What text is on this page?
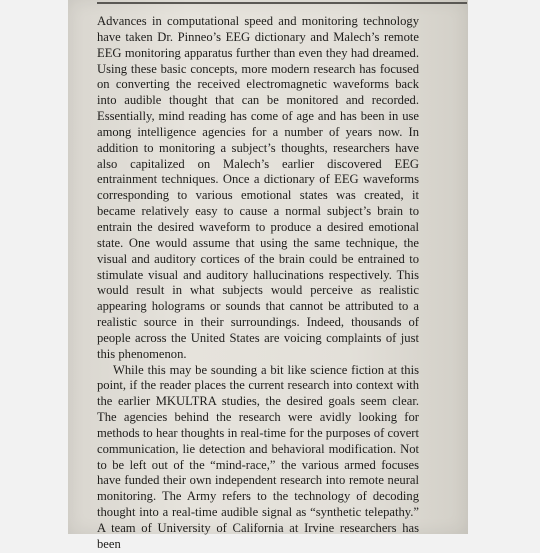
Advances in computational speed and monitoring technology have taken Dr. Pinneo’s EEG dictionary and Malech’s remote EEG monitoring apparatus further than even they had dreamed. Using these basic concepts, more modern research has focused on converting the received electromagnetic waveforms back into audible thought that can be monitored and recorded. Essentially, mind reading has come of age and has been in use among intelligence agencies for a number of years now. In addition to monitoring a subject’s thoughts, researchers have also capitalized on Malech’s earlier discovered EEG entrainment techniques. Once a dictionary of EEG waveforms corresponding to various emotional states was created, it became relatively easy to cause a normal subject’s brain to entrain the desired waveform to produce a desired emotional state. One would assume that using the same technique, the visual and auditory cortices of the brain could be entrained to stimulate visual and auditory hallucinations respectively. This would result in what subjects would perceive as realistic appearing holograms or sounds that cannot be attributed to a realistic source in their surroundings. Indeed, thousands of people across the United States are voicing complaints of just this phenomenon.

While this may be sounding a bit like science fiction at this point, if the reader places the current research into context with the earlier MKULTRA studies, the desired goals seem clear. The agencies behind the research were avidly looking for methods to hear thoughts in real-time for the purposes of covert communication, lie detection and behavioral modification. Not to be left out of the “mind-race,” the various armed focuses have funded their own independent research into remote neural monitoring. The Army refers to the technology of decoding thought into a real-time audible signal as “synthetic telepathy.” A team of University of California at Irvine researchers has been
